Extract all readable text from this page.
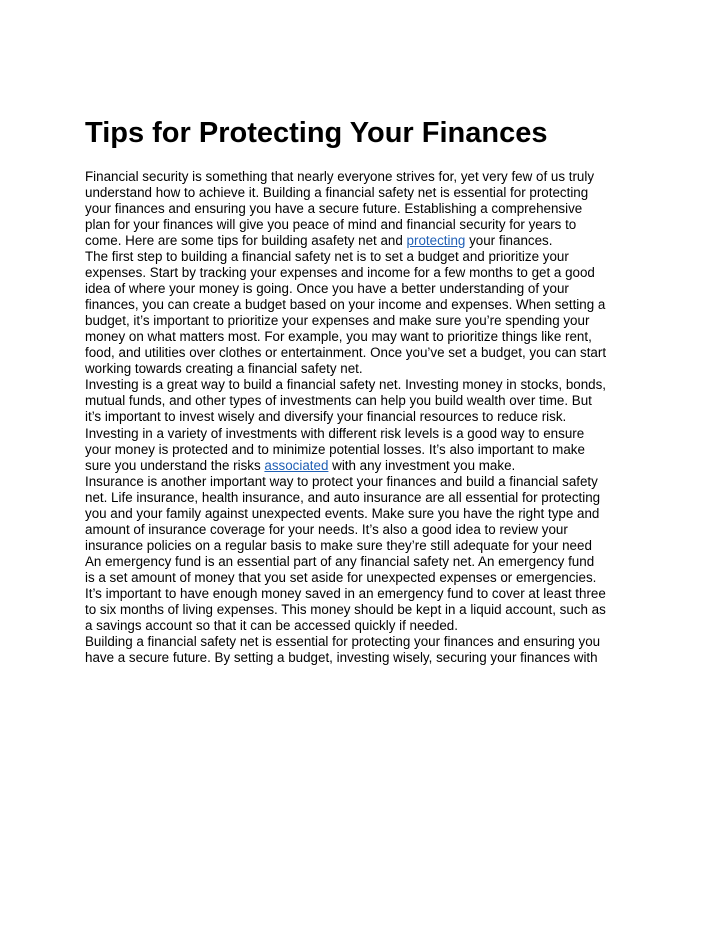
Tips for Protecting Your Finances
Financial security is something that nearly everyone strives for, yet very few of us truly
understand how to achieve it. Building a financial safety net is essential for protecting
your finances and ensuring you have a secure future. Establishing a comprehensive
plan for your finances will give you peace of mind and financial security for years to
come. Here are some tips for building asafety net and protecting your finances.
The first step to building a financial safety net is to set a budget and prioritize your
expenses. Start by tracking your expenses and income for a few months to get a good
idea of where your money is going. Once you have a better understanding of your
finances, you can create a budget based on your income and expenses. When setting a
budget, it’s important to prioritize your expenses and make sure you’re spending your
money on what matters most. For example, you may want to prioritize things like rent,
food, and utilities over clothes or entertainment. Once you’ve set a budget, you can start
working towards creating a financial safety net.
Investing is a great way to build a financial safety net. Investing money in stocks, bonds,
mutual funds, and other types of investments can help you build wealth over time. But
it’s important to invest wisely and diversify your financial resources to reduce risk.
Investing in a variety of investments with different risk levels is a good way to ensure
your money is protected and to minimize potential losses. It’s also important to make
sure you understand the risks associated with any investment you make.
Insurance is another important way to protect your finances and build a financial safety
net. Life insurance, health insurance, and auto insurance are all essential for protecting
you and your family against unexpected events. Make sure you have the right type and
amount of insurance coverage for your needs. It’s also a good idea to review your
insurance policies on a regular basis to make sure they’re still adequate for your need
An emergency fund is an essential part of any financial safety net. An emergency fund
is a set amount of money that you set aside for unexpected expenses or emergencies.
It’s important to have enough money saved in an emergency fund to cover at least three
to six months of living expenses. This money should be kept in a liquid account, such as
a savings account so that it can be accessed quickly if needed.
Building a financial safety net is essential for protecting your finances and ensuring you
have a secure future. By setting a budget, investing wisely, securing your finances with
